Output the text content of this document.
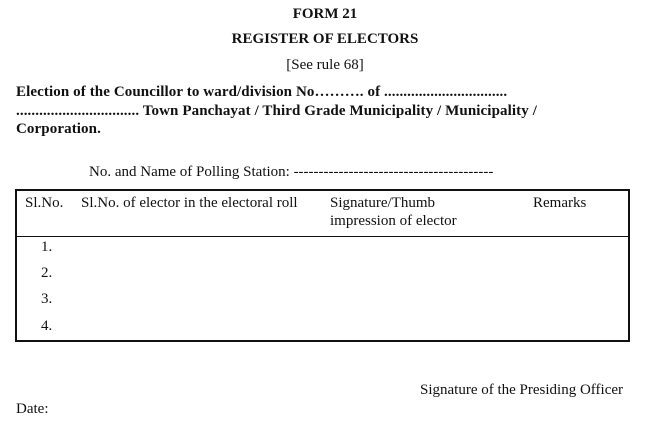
FORM 21
REGISTER OF ELECTORS
[See rule 68]
Election of the Councillor to ward/division No………. of ................................
................................ Town Panchayat / Third Grade Municipality / Municipality /
Corporation.
No. and Name of Polling Station: ----------------------------------------
Sl.No. Sl.No. of elector in the electoral roll Signature/Thumb impression of elector
Remarks
1.
2.
3.
4.
Signature of the Presiding Officer
Date:
